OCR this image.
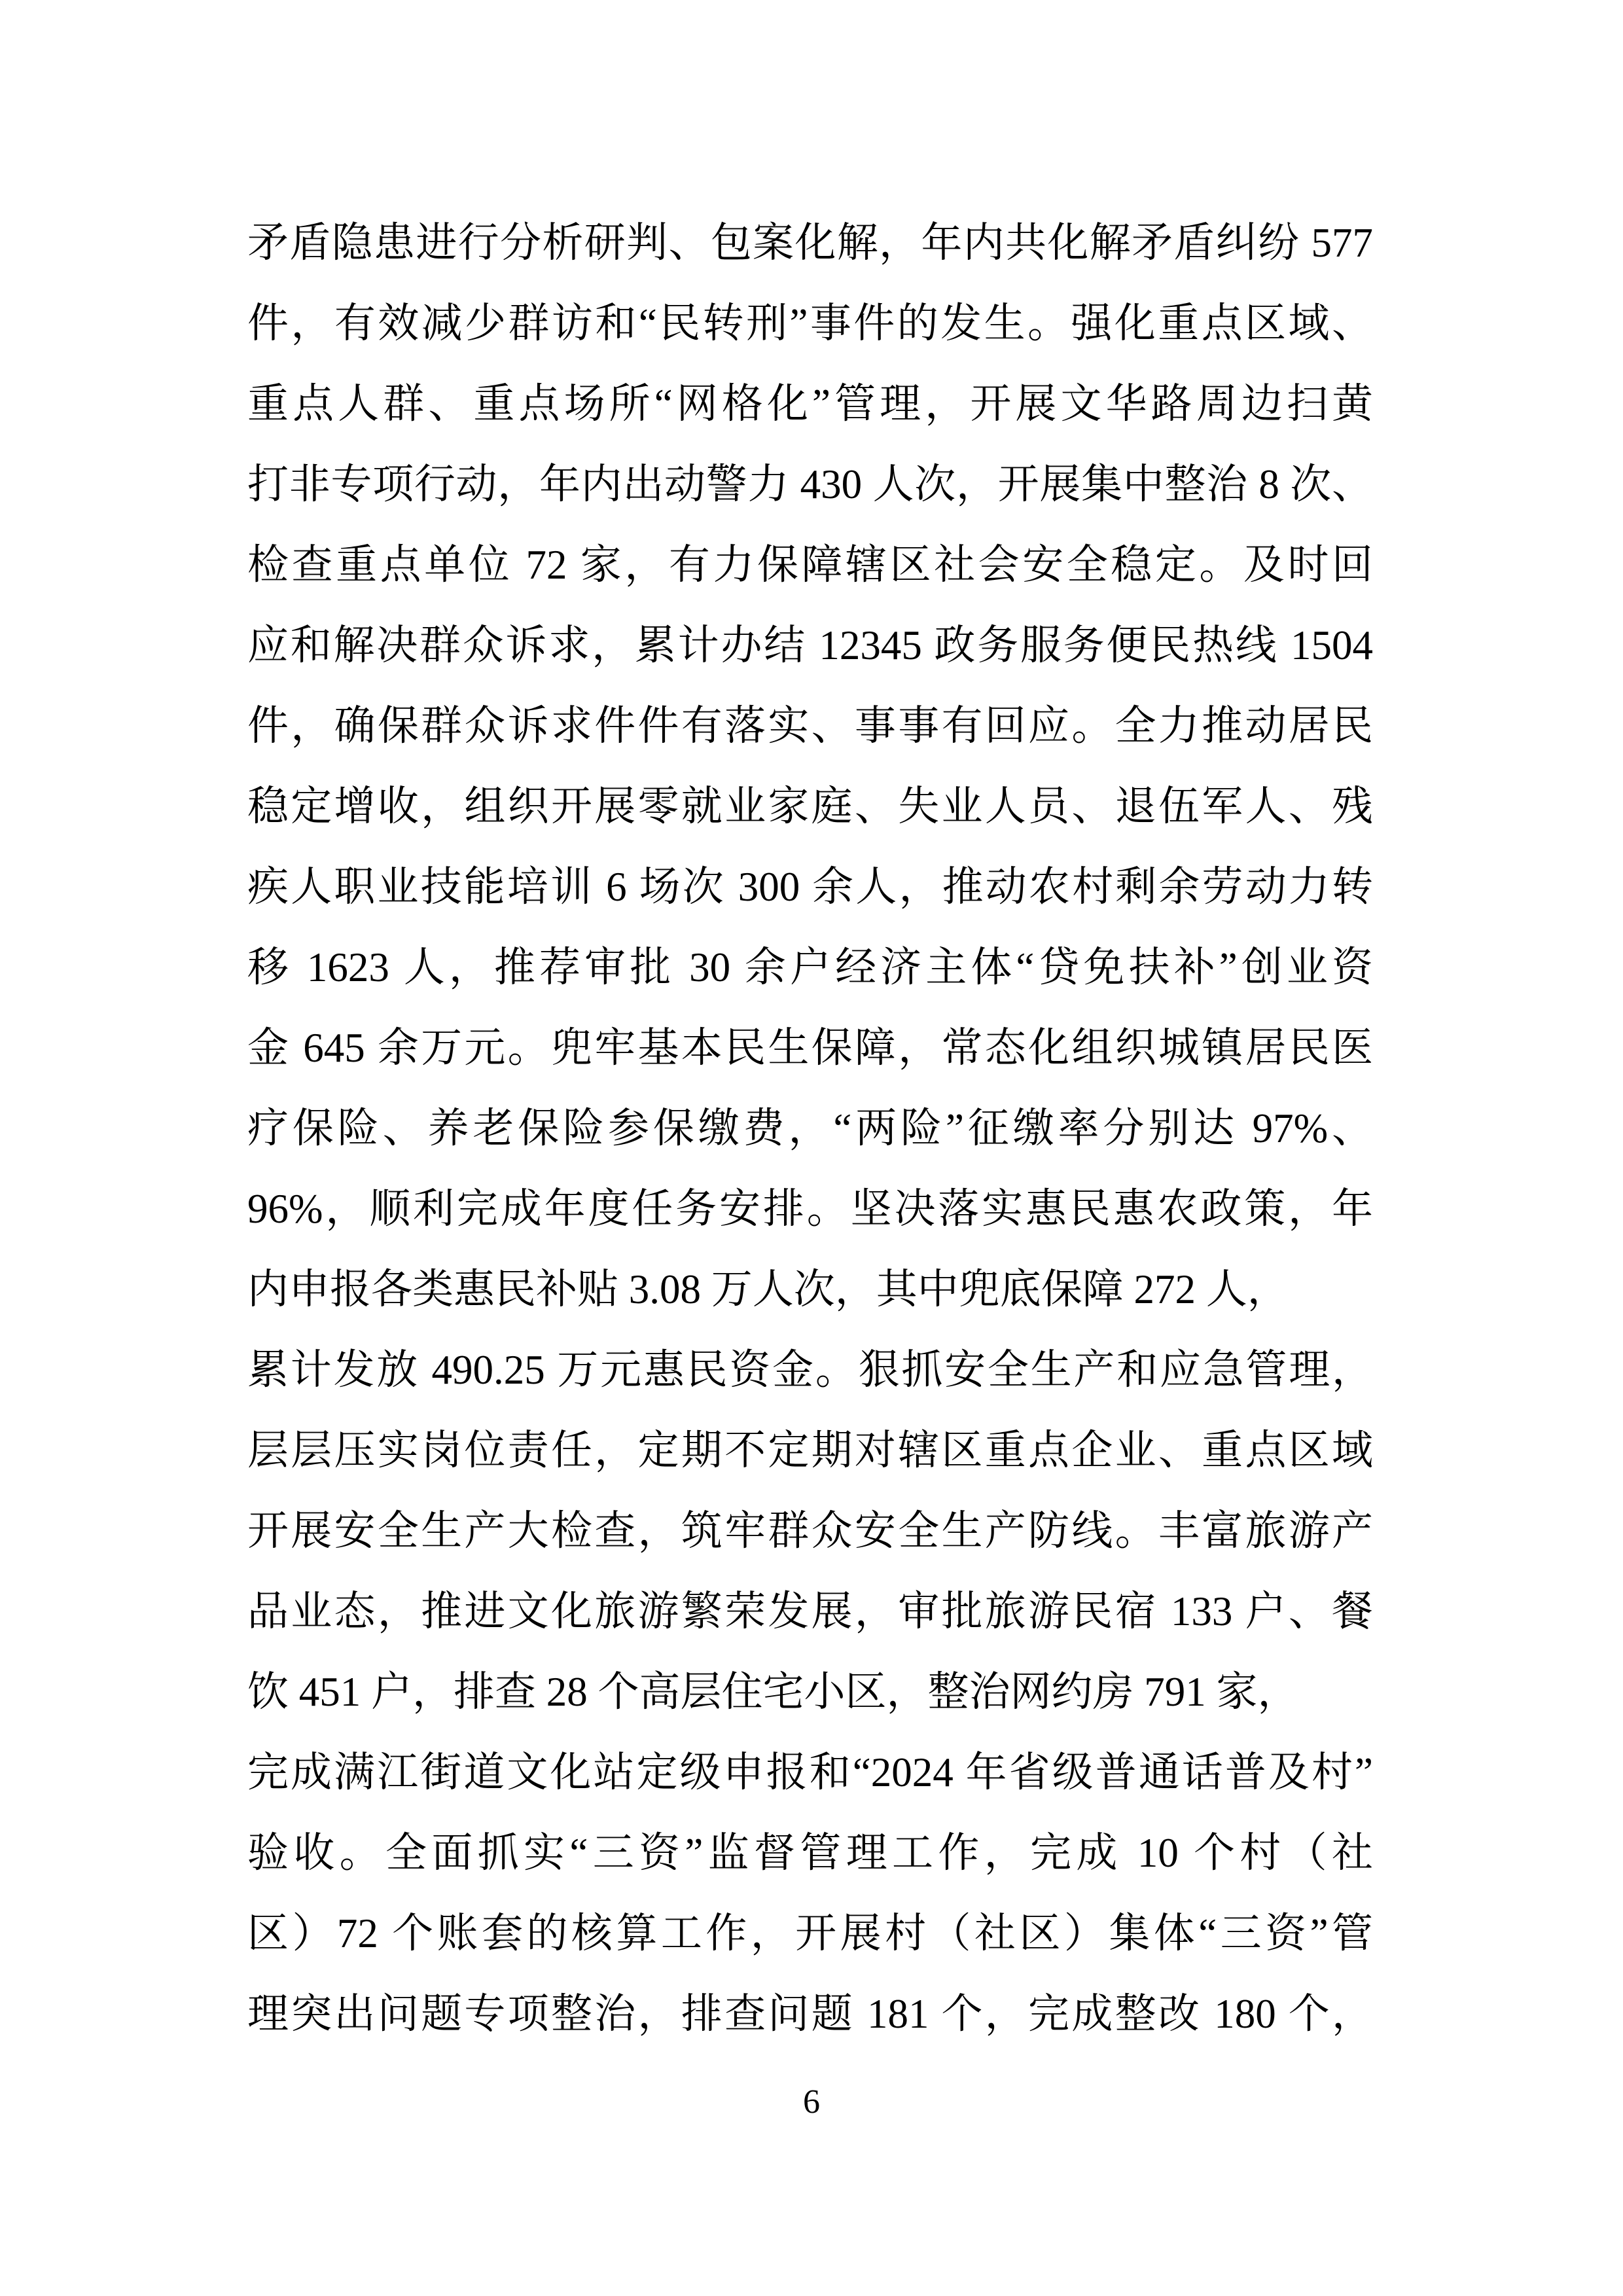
矛盾隐患进行分析研判、包案化解，年内共化解矛盾纠纷 577
件，有效减少群访和“民转刑”事件的发生。强化重点区域、
重点人群、重点场所“网格化”管理，开展文华路周边扫黄
打非专项行动，年内出动警力 430 人次，开展集中整治 8 次、
检查重点单位 72 家，有力保障辖区社会安全稳定。及时回
应和解决群众诉求，累计办结 12345 政务服务便民热线 1504
件，确保群众诉求件件有落实、事事有回应。全力推动居民
稳定增收，组织开展零就业家庭、失业人员、退伍军人、残
疾人职业技能培训 6 场次 300 余人，推动农村剩余劳动力转
移 1623 人，推荐审批 30 余户经济主体“贷免扶补”创业资
金 645 余万元。兜牢基本民生保障，常态化组织城镇居民医
疗保险、养老保险参保缴费，“两险”征缴率分别达 97%、
96%，顺利完成年度任务安排。坚决落实惠民惠农政策，年
内申报各类惠民补贴 3.08 万人次，其中兜底保障 272 人，
累计发放 490.25 万元惠民资金。狠抓安全生产和应急管理，
层层压实岗位责任，定期不定期对辖区重点企业、重点区域
开展安全生产大检查，筑牢群众安全生产防线。丰富旅游产
品业态，推进文化旅游繁荣发展，审批旅游民宿 133 户、餐
饮 451 户，排查 28 个高层住宅小区，整治网约房 791 家，
完成满江街道文化站定级申报和“2024 年省级普通话普及村”
验收。全面抓实“三资”监督管理工作，完成 10 个村（社
区）72 个账套的核算工作，开展村（社区）集体“三资”管
理突出问题专项整治，排查问题 181 个，完成整改 180 个，
6
